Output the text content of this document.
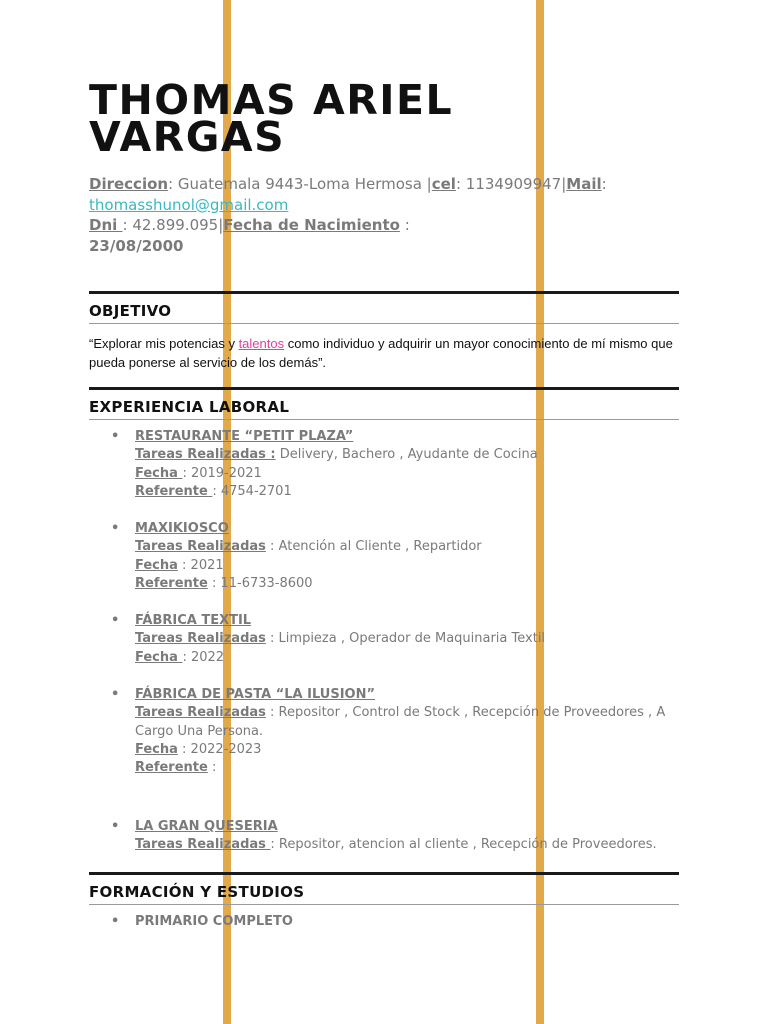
THOMAS ARIEL
VARGAS
Direccion: Guatemala 9443-Loma Hermosa |cel: 1134909947|Mail: thomasshunol@gmail.com
Dni : 42.899.095|Fecha de Nacimiento :
23/08/2000
OBJETIVO
“Explorar mis potencias y talentos como individuo y adquirir un mayor conocimiento de mí mismo que pueda ponerse al servicio de los demás”.
EXPERIENCIA LABORAL
• RESTAURANTE “PETIT PLAZA”
Tareas Realizadas : Delivery, Bachero , Ayudante de Cocina
Fecha : 2019-2021
Referente : 4754-2701
• MAXIKIOSCO
Tareas Realizadas : Atención al Cliente , Repartidor
Fecha : 2021
Referente : 11-6733-8600
• FÁBRICA TEXTIL
Tareas Realizadas : Limpieza , Operador de Maquinaria Textil
Fecha : 2022
• FÁBRICA DE PASTA “LA ILUSION”
Tareas Realizadas : Repositor , Control de Stock , Recepción de Proveedores , A Cargo Una Persona.
Fecha : 2022-2023
Referente :
• LA GRAN QUESERIA
Tareas Realizadas : Repositor, atencion al cliente , Recepción de Proveedores.
FORMACIÓN Y ESTUDIOS
• PRIMARIO COMPLETO
